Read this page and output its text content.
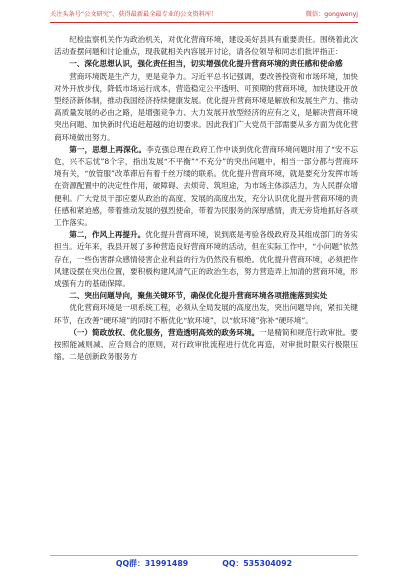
关注头条号“公文研究”，获得最新最全最专业的公文资料库！	微信：gongwenyj

纪检监察机关作为政治机关，对优化营商环境，建设美好县具有重要责任。围绕着此次活动查摆问题和讨论重点，现我就相关内容展开讨论，请各位领导和同志们批评指正：

一、深化思想认识，强化责任担当，切实增强优化提升营商环境的责任感和使命感

营商环境既是生产力，更是竞争力。习近平总书记强调，要改善投资和市场环境，加快对外开放步伐，降低市场运行成本，营造稳定公平透明、可预期的营商环境，加快建设开放型经济新体制，推动我国经济持续健康发展。优化提升营商环境是解放和发展生产力、推动高质量发展的必由之路，是增强竞争力、大力发展开放型经济的应有之义，是解决营商环境突出问题、加快新时代追赶超越的迫切要求。因此我们广大党员干部需要从多方面为优化营商环境做出努力。

第一，思想上再深化。李克强总理在政府工作中谈到优化营商环境问题时用了“安不忘危，兴不忘忧”8个字，指出发展“不平衡”“不充分”的突出问题中，相当一部分都与营商环境有关，“放管服”改革滞后有着千丝万缕的联系。优化提升营商环境，就是要充分发挥市场在资源配置中的决定性作用，破障碍、去烦苛、筑坦途，为市场主体添活力，为人民群众增便利。广大党员干部应要从政治的高度、发展的高度出发，充分认识优化提升营商环境的责任感和紧迫感，带着推动发展的强烈使命，带着为民服务的深厚感情，责无旁贷地抓好各项工作落实。

第二，作风上再提升。优化提升营商环境，说到底是考验各级政府及其组成部门的务实担当。近年来，我县开展了多种营造良好营商环境的活动，但在实际工作中，“小问题”依然存在，一些伤害群众感情侵害企业利益的行为仍然没有根绝。优化提升营商环境，必须把作风建设摆在突出位置，要积极构建风清气正的政治生态，努力营造弄上加清的营商环境，形成强有力的基础保障。

二、突出问题导向，聚焦关键环节，确保优化提升营商环境各项措施落到实处

优化营商环境是一项系统工程，必须从全局发展的高度出发，突出问题导向，紧扣关键环节，在改善“硬环境”的同时不断优化“软环境”，以“软环境”弥补“硬环境”。

（一）简政放权、优化服务，营造透明高效的政务环境。一是精简和规范行政审批。要按照能减则减、应合则合的原则，对行政审批流程进行优化再造，对审批时限实行极限压缩。二是创新政务服务方

QQ群：31991489	QQ：535304092
